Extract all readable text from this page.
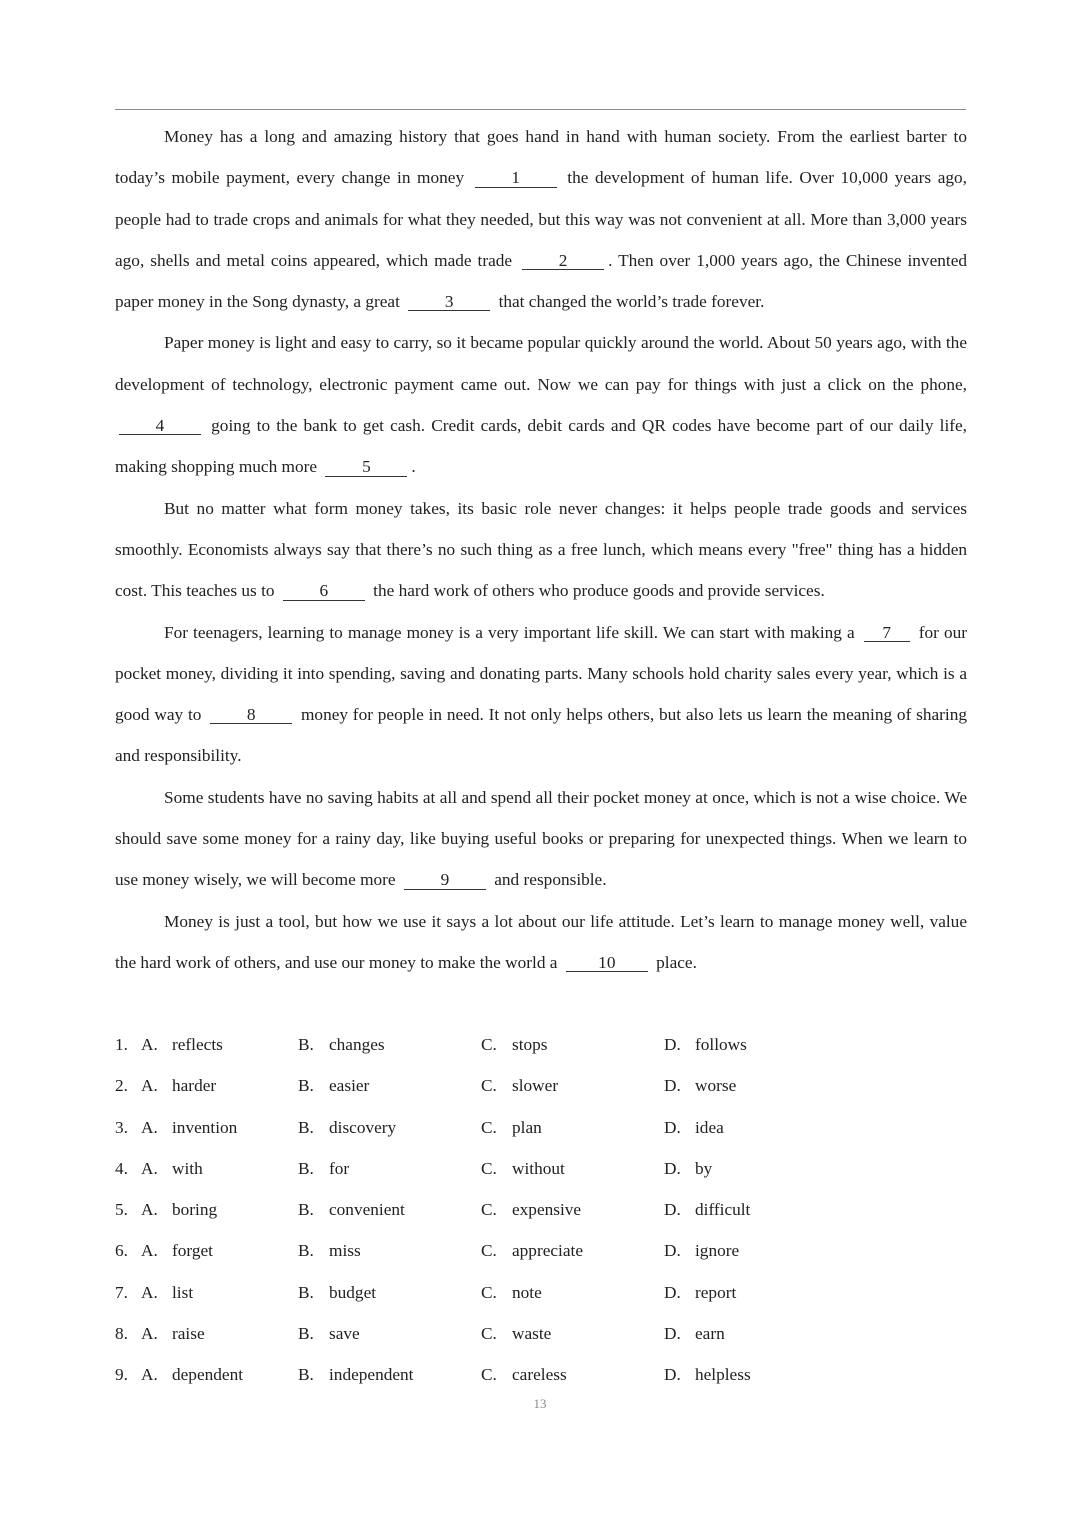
Money has a long and amazing history that goes hand in hand with human society. From the earliest barter to today’s mobile payment, every change in money	1	the development of human life. Over 10,000 years ago, people had to trade crops and animals for what they needed, but this way was not convenient at all. More than 3,000 years ago, shells and metal coins appeared, which made trade	2 . Then over 1,000 years ago, the Chinese invented paper money in the Song dynasty, a great	3	that changed the world’s trade forever.

Paper money is light and easy to carry, so it became popular quickly around the world. About 50 years ago, with the development of technology, electronic payment came out. Now we can pay for things with just a click on the phone, 4	going to the bank to get cash. Credit cards, debit cards and QR codes have become part of our daily life, making shopping much more	5 .

But no matter what form money takes, its basic role never changes: it helps people trade goods and services smoothly. Economists always say that there’s no such thing as a free lunch, which means every "free" thing has a hidden cost. This teaches us to	6	the hard work of others who produce goods and provide services.

For teenagers, learning to manage money is a very important life skill. We can start with making a 7 for our pocket money, dividing it into spending, saving and donating parts. Many schools hold charity sales every year, which is a good way to	8	money for people in need. It not only helps others, but also lets us learn the meaning of sharing and responsibility.

Some students have no saving habits at all and spend all their pocket money at once, which is not a wise choice. We should save some money for a rainy day, like buying useful books or preparing for unexpected things. When we learn to use money wisely, we will become more	9	and responsible.

Money is just a tool, but how we use it says a lot about our life attitude. Let’s learn to manage money well, value the hard work of others, and use our money to make the world a 10 place.

1. A. reflects	B. changes	C. stops	D. follows
2. A. harder	B. easier	C. slower	D. worse
3. A. invention	B. discovery	C. plan	D. idea
4. A. with	B. for	C. without	D. by
5. A. boring	B. convenient	C. expensive	D. difficult
6. A. forget	B. miss	C. appreciate	D. ignore
7. A. list	B. budget	C. note	D. report
8. A. raise	B. save	C. waste	D. earn
9. A. dependent	B. independent	C. careless	D. helpless
13
